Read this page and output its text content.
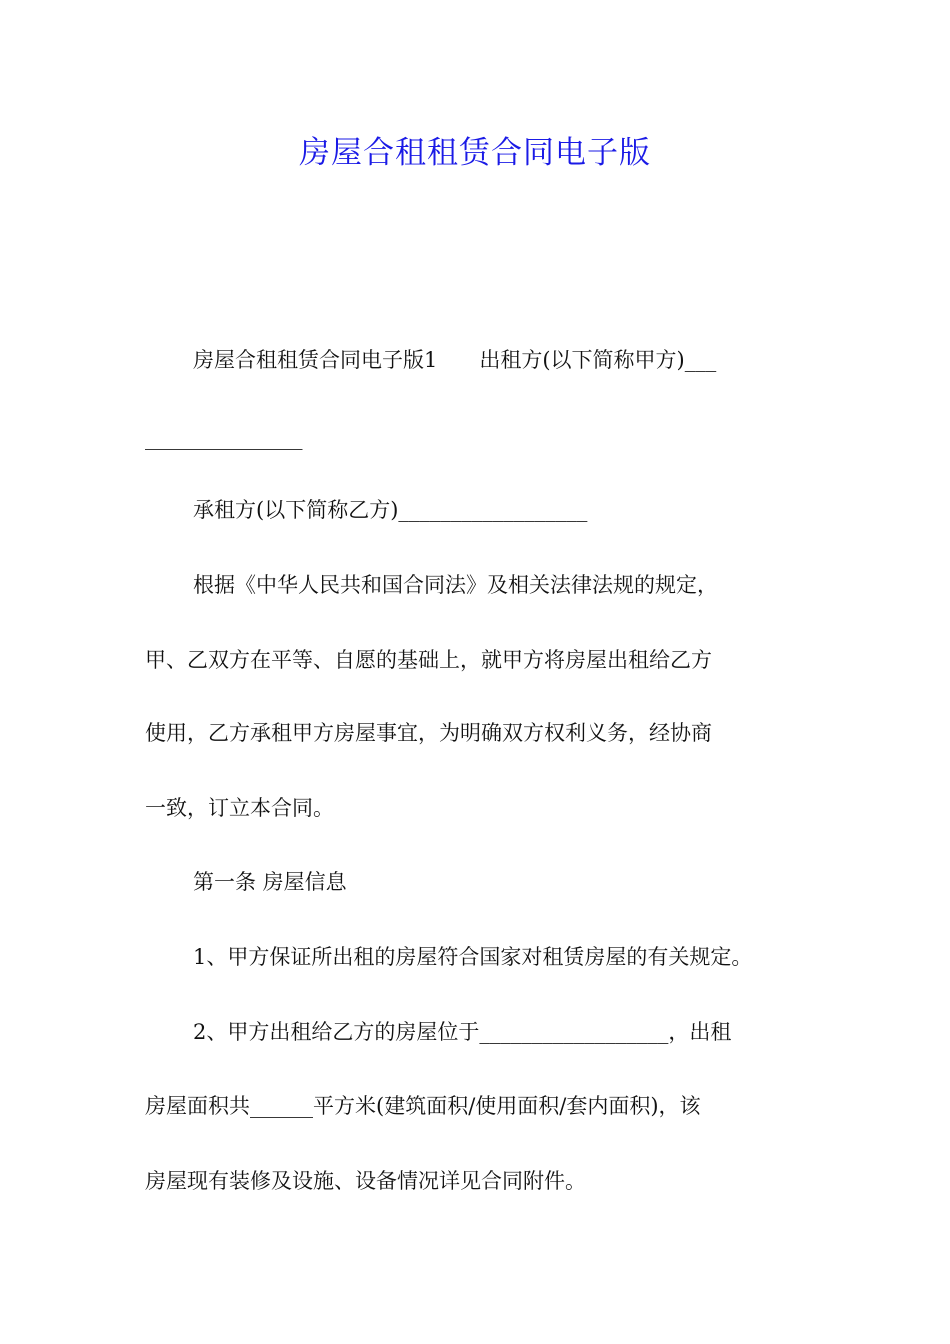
房屋合租租赁合同电子版

房屋合租租赁合同电子版1　　出租方(以下简称甲方)___

_______________

承租方(以下简称乙方)__________________

根据《中华人民共和国合同法》及相关法律法规的规定，

甲、乙双方在平等、自愿的基础上，就甲方将房屋出租给乙方

使用，乙方承租甲方房屋事宜，为明确双方权利义务，经协商

一致，订立本合同。

第一条 房屋信息

1、甲方保证所出租的房屋符合国家对租赁房屋的有关规定。

2、甲方出租给乙方的房屋位于__________________，出租

房屋面积共______平方米(建筑面积/使用面积/套内面积)，该

房屋现有装修及设施、设备情况详见合同附件。
